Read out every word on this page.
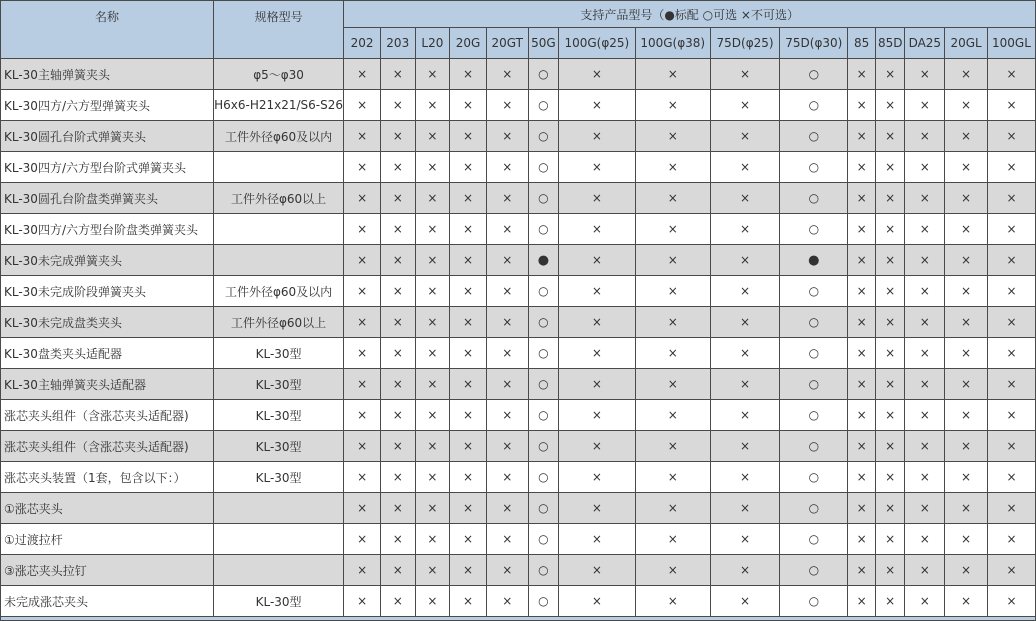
名称	规格型号	支持产品型号（●标配 ○可选 ×不可选）														
		202	203	L20	20G	20GT	50G	100G(φ25)	100G(φ38)	75D(φ25)	75D(φ30)	85	85D	DA25	20GL	100GL
KL-30主轴弹簧夹头	φ5～φ30	×	×	×	×	×	○	×	×	×	○	×	×	×	×	×
KL-30四方/六方型弹簧夹头	H6x6-H21x21/S6-S26	×	×	×	×	×	○	×	×	×	○	×	×	×	×	×
KL-30圆孔台阶式弹簧夹头	工件外径φ60及以内	×	×	×	×	×	○	×	×	×	○	×	×	×	×	×
KL-30四方/六方型台阶式弹簧夹头		×	×	×	×	×	○	×	×	×	○	×	×	×	×	×
KL-30圆孔台阶盘类弹簧夹头	工件外径φ60以上	×	×	×	×	×	○	×	×	×	○	×	×	×	×	×
KL-30四方/六方型台阶盘类弹簧夹头		×	×	×	×	×	○	×	×	×	○	×	×	×	×	×
KL-30未完成弹簧夹头		×	×	×	×	×	●	×	×	×	●	×	×	×	×	×
KL-30未完成阶段弹簧夹头	工件外径φ60及以内	×	×	×	×	×	○	×	×	×	○	×	×	×	×	×
KL-30未完成盘类夹头	工件外径φ60以上	×	×	×	×	×	○	×	×	×	○	×	×	×	×	×
KL-30盘类夹头适配器	KL-30型	×	×	×	×	×	○	×	×	×	○	×	×	×	×	×
KL-30主轴弹簧夹头适配器	KL-30型	×	×	×	×	×	○	×	×	×	○	×	×	×	×	×
涨芯夹头组件（含涨芯夹头适配器)	KL-30型	×	×	×	×	×	○	×	×	×	○	×	×	×	×	×
涨芯夹头组件（含涨芯夹头适配器)	KL-30型	×	×	×	×	×	○	×	×	×	○	×	×	×	×	×
涨芯夹头装置（1套，包含以下：）	KL-30型	×	×	×	×	×	○	×	×	×	○	×	×	×	×	×
①涨芯夹头		×	×	×	×	×	○	×	×	×	○	×	×	×	×	×
①过渡拉杆		×	×	×	×	×	○	×	×	×	○	×	×	×	×	×
③涨芯夹头拉钉		×	×	×	×	×	○	×	×	×	○	×	×	×	×	×
未完成涨芯夹头	KL-30型	×	×	×	×	×	○	×	×	×	○	×	×	×	×	×
